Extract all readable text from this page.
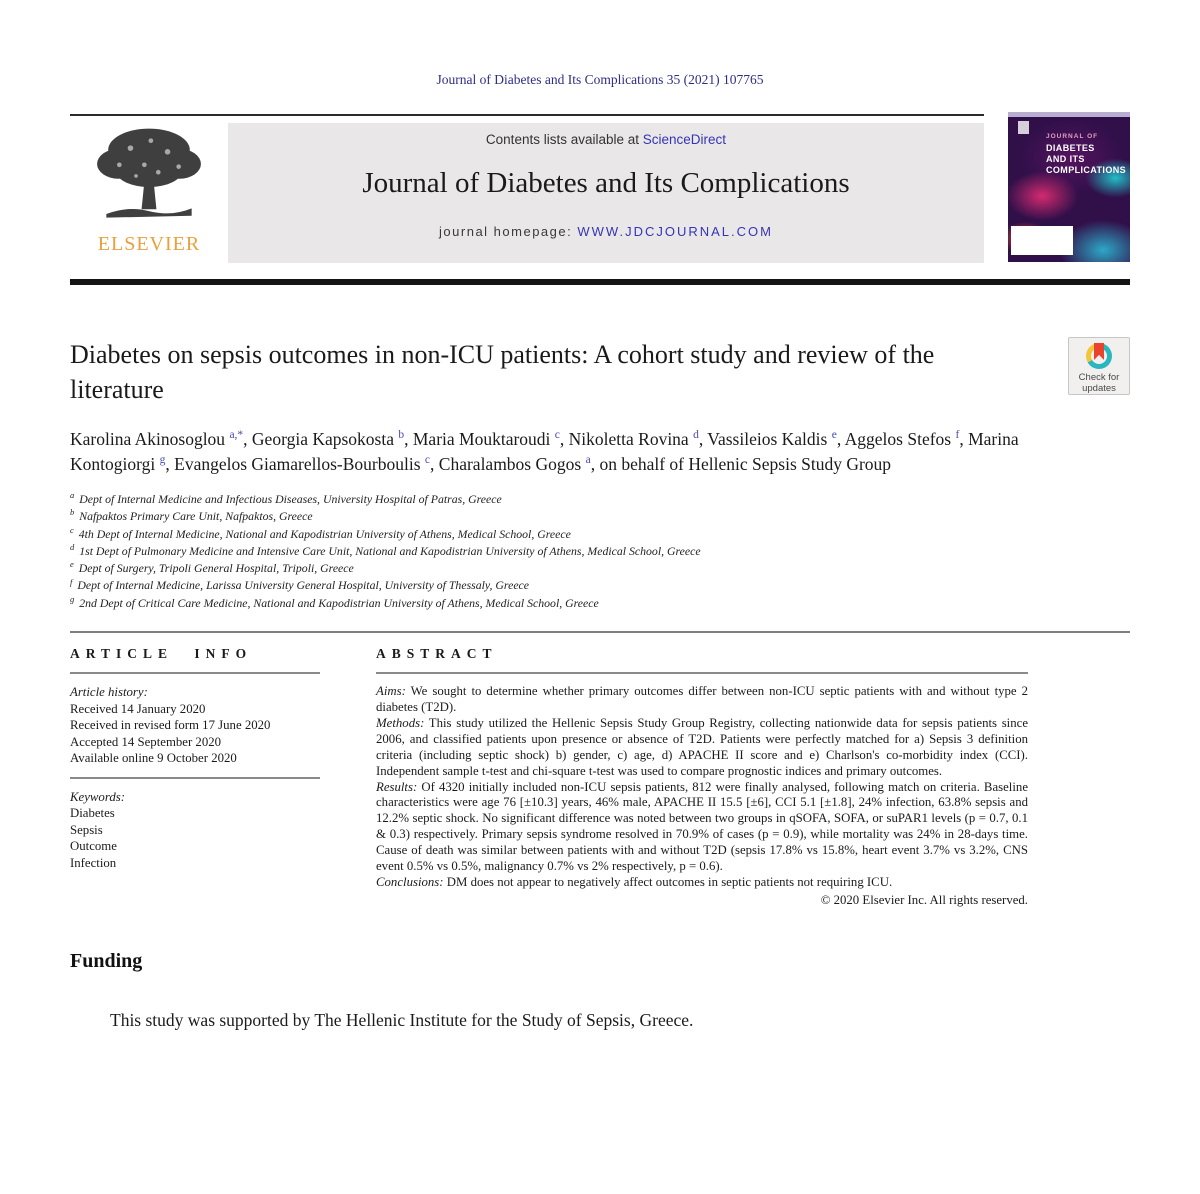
Journal of Diabetes and Its Complications 35 (2021) 107765
ELSEVIER
Contents lists available at ScienceDirect
Journal of Diabetes and Its Complications
journal homepage: WWW.JDCJOURNAL.COM
JOURNAL OF
DIABETES
AND ITS
COMPLICATIONS
Diabetes on sepsis outcomes in non-ICU patients: A cohort study and review of the literature	Check for
updates
Karolina Akinosoglou $^{a,*}$, Georgia Kapsokosta $^b$, Maria Mouktaroudi $^c$, Nikoletta Rovina $^d$, Vassileios Kaldis $^e$, Aggelos Stefos $^f$, Marina Kontogiorgi $^g$, Evangelos Giamarellos-Bourboulis $^c$, Charalambos Gogos $^a$, on behalf of Hellenic Sepsis Study Group
$^a$ Dept of Internal Medicine and Infectious Diseases, University Hospital of Patras, Greece
$^b$ Nafpaktos Primary Care Unit, Nafpaktos, Greece
$^c$ 4th Dept of Internal Medicine, National and Kapodistrian University of Athens, Medical School, Greece
$^d$ 1st Dept of Pulmonary Medicine and Intensive Care Unit, National and Kapodistrian University of Athens, Medical School, Greece
$^e$ Dept of Surgery, Tripoli General Hospital, Tripoli, Greece
$^f$ Dept of Internal Medicine, Larissa University General Hospital, University of Thessaly, Greece
$^g$ 2nd Dept of Critical Care Medicine, National and Kapodistrian University of Athens, Medical School, Greece
ARTICLE INFO
Article history:
Received 14 January 2020
Received in revised form 17 June 2020
Accepted 14 September 2020
Available online 9 October 2020
Keywords:
Diabetes
Sepsis
Outcome
Infection
ABSTRACT

Aims: We sought to determine whether primary outcomes differ between non-ICU septic patients with and without type 2 diabetes (T2D).

Methods: This study utilized the Hellenic Sepsis Study Group Registry, collecting nationwide data for sepsis patients since 2006, and classified patients upon presence or absence of T2D. Patients were perfectly matched for a) Sepsis 3 definition criteria (including septic shock) b) gender, c) age, d) APACHE II score and e) Charlson's co-morbidity index (CCI). Independent sample t-test and chi-square t-test was used to compare prognostic indices and primary outcomes.

Results: Of 4320 initially included non-ICU sepsis patients, 812 were finally analysed, following match on criteria. Baseline characteristics were age 76 [±10.3] years, 46% male, APACHE II 15.5 [±6], CCI 5.1 [±1.8], 24% infection, 63.8% sepsis and 12.2% septic shock. No significant difference was noted between two groups in qSOFA, SOFA, or suPAR1 levels (p = 0.7, 0.1 & 0.3) respectively. Primary sepsis syndrome resolved in 70.9% of cases (p = 0.9), while mortality was 24% in 28-days time. Cause of death was similar between patients with and without T2D (sepsis 17.8% vs 15.8%, heart event 3.7% vs 3.2%, CNS event 0.5% vs 0.5%, malignancy 0.7% vs 2% respectively, p = 0.6).

Conclusions: DM does not appear to negatively affect outcomes in septic patients not requiring ICU.

© 2020 Elsevier Inc. All rights reserved.
Funding
This study was supported by The Hellenic Institute for the Study of Sepsis, Greece.
